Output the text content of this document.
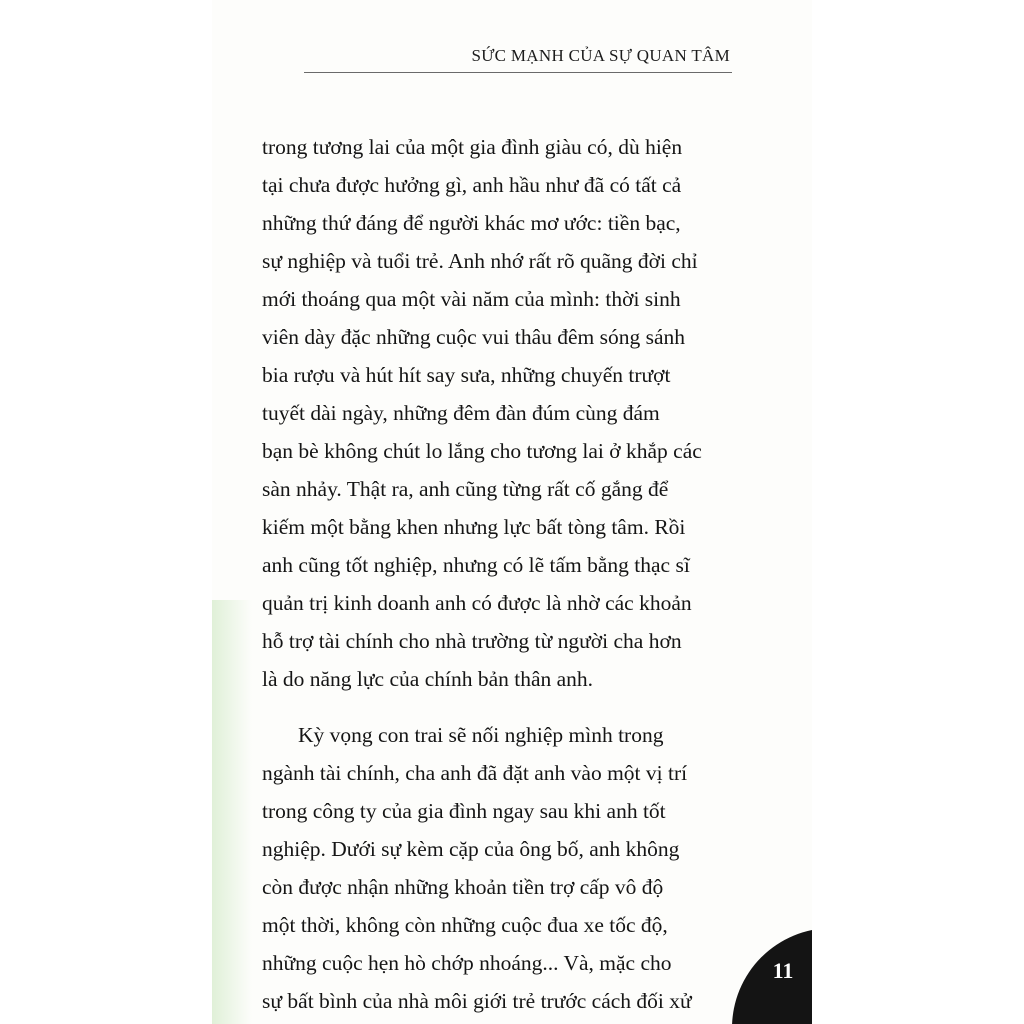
SỨC MẠNH CỦA SỰ QUAN TÂM
trong tương lai của một gia đình giàu có, dù hiện
tại chưa được hưởng gì, anh hầu như đã có tất cả
những thứ đáng để người khác mơ ước: tiền bạc,
sự nghiệp và tuổi trẻ. Anh nhớ rất rõ quãng đời chỉ
mới thoáng qua một vài năm của mình: thời sinh
viên dày đặc những cuộc vui thâu đêm sóng sánh
bia rượu và hút hít say sưa, những chuyến trượt
tuyết dài ngày, những đêm đàn đúm cùng đám
bạn bè không chút lo lắng cho tương lai ở khắp các
sàn nhảy. Thật ra, anh cũng từng rất cố gắng để
kiếm một bằng khen nhưng lực bất tòng tâm. Rồi
anh cũng tốt nghiệp, nhưng có lẽ tấm bằng thạc sĩ
quản trị kinh doanh anh có được là nhờ các khoản
hỗ trợ tài chính cho nhà trường từ người cha hơn
là do năng lực của chính bản thân anh.
Kỳ vọng con trai sẽ nối nghiệp mình trong
ngành tài chính, cha anh đã đặt anh vào một vị trí
trong công ty của gia đình ngay sau khi anh tốt
nghiệp. Dưới sự kèm cặp của ông bố, anh không
còn được nhận những khoản tiền trợ cấp vô độ
một thời, không còn những cuộc đua xe tốc độ,
những cuộc hẹn hò chớp nhoáng... Và, mặc cho
sự bất bình của nhà môi giới trẻ trước cách đối xử
11
